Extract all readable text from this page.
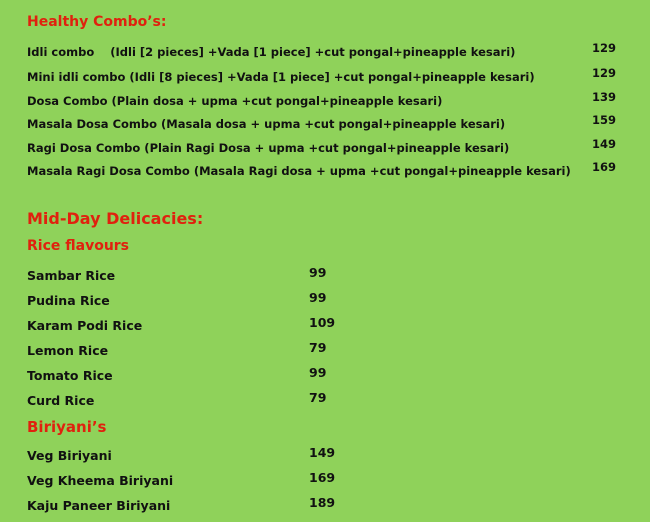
Healthy Combo’s:
Idli combo    (Idli [2 pieces] +Vada [1 piece] +cut pongal+pineapple kesari)	129
Mini idli combo (Idli [8 pieces] +Vada [1 piece] +cut pongal+pineapple kesari)	129
Dosa Combo (Plain dosa + upma +cut pongal+pineapple kesari)	139
Masala Dosa Combo (Masala dosa + upma +cut pongal+pineapple kesari)	159
Ragi Dosa Combo (Plain Ragi Dosa + upma +cut pongal+pineapple kesari)	149
Masala Ragi Dosa Combo (Masala Ragi dosa + upma +cut pongal+pineapple kesari) 169
Mid-Day Delicacies:
Rice flavours
Sambar Rice	99
Pudina Rice	99
Karam Podi Rice	109
Lemon Rice	79
Tomato Rice	99
Curd Rice	79
Biriyani’s
Veg Biriyani	149
Veg Kheema Biriyani	169
Kaju Paneer Biriyani	189
